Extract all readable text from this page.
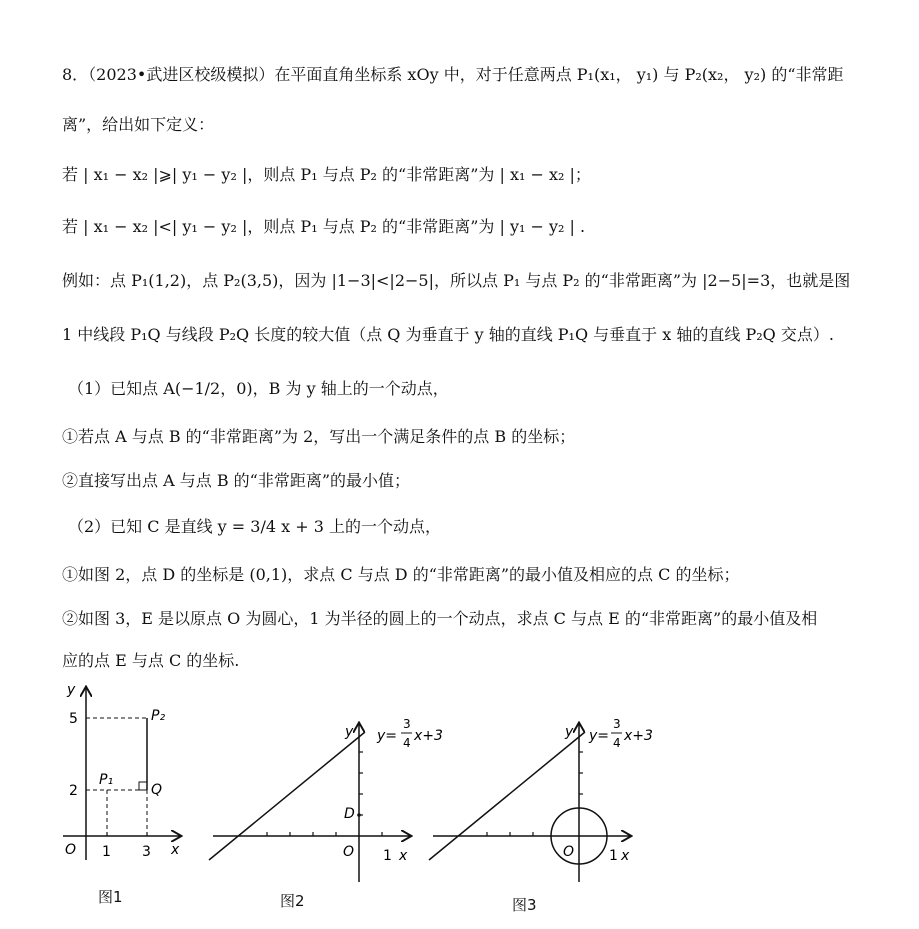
8．（2023•武进区校级模拟）在平面直角坐标系 xOy 中，对于任意两点 P₁(x₁， y₁) 与 P₂(x₂， y₂) 的“非常距
离”，给出如下定义：
若 | x₁ − x₂ |⩾| y₁ − y₂ |，则点 P₁ 与点 P₂ 的“非常距离”为 | x₁ − x₂ |；
若 | x₁ − x₂ |<| y₁ − y₂ |，则点 P₁ 与点 P₂ 的“非常距离”为 | y₁ − y₂ | .
例如：点 P₁(1,2)，点 P₂(3,5)，因为 |1−3|<|2−5|，所以点 P₁ 与点 P₂ 的“非常距离”为 |2−5|=3，也就是图
1 中线段 P₁Q 与线段 P₂Q 长度的较大值（点 Q 为垂直于 y 轴的直线 P₁Q 与垂直于 x 轴的直线 P₂Q 交点）.
（1）已知点 A(−1/2，0)，B 为 y 轴上的一个动点，
①若点 A 与点 B 的“非常距离”为 2，写出一个满足条件的点 B 的坐标；
②直接写出点 A 与点 B 的“非常距离”的最小值；
（2）已知 C 是直线 y = 3/4 x + 3 上的一个动点，
①如图 2，点 D 的坐标是 (0,1)，求点 C 与点 D 的“非常距离”的最小值及相应的点 C 的坐标；
②如图 3，E 是以原点 O 为圆心，1 为半径的圆上的一个动点，求点 C 与点 E 的“非常距离”的最小值及相
应的点 E 与点 C 的坐标.
y
x
O
5
2
1 3
P₂
P₁
Q
图1
y
x
O 1
D
y=
3
4 x+3
图2
y
x
O 1
y=
3
4 x+3
图3
